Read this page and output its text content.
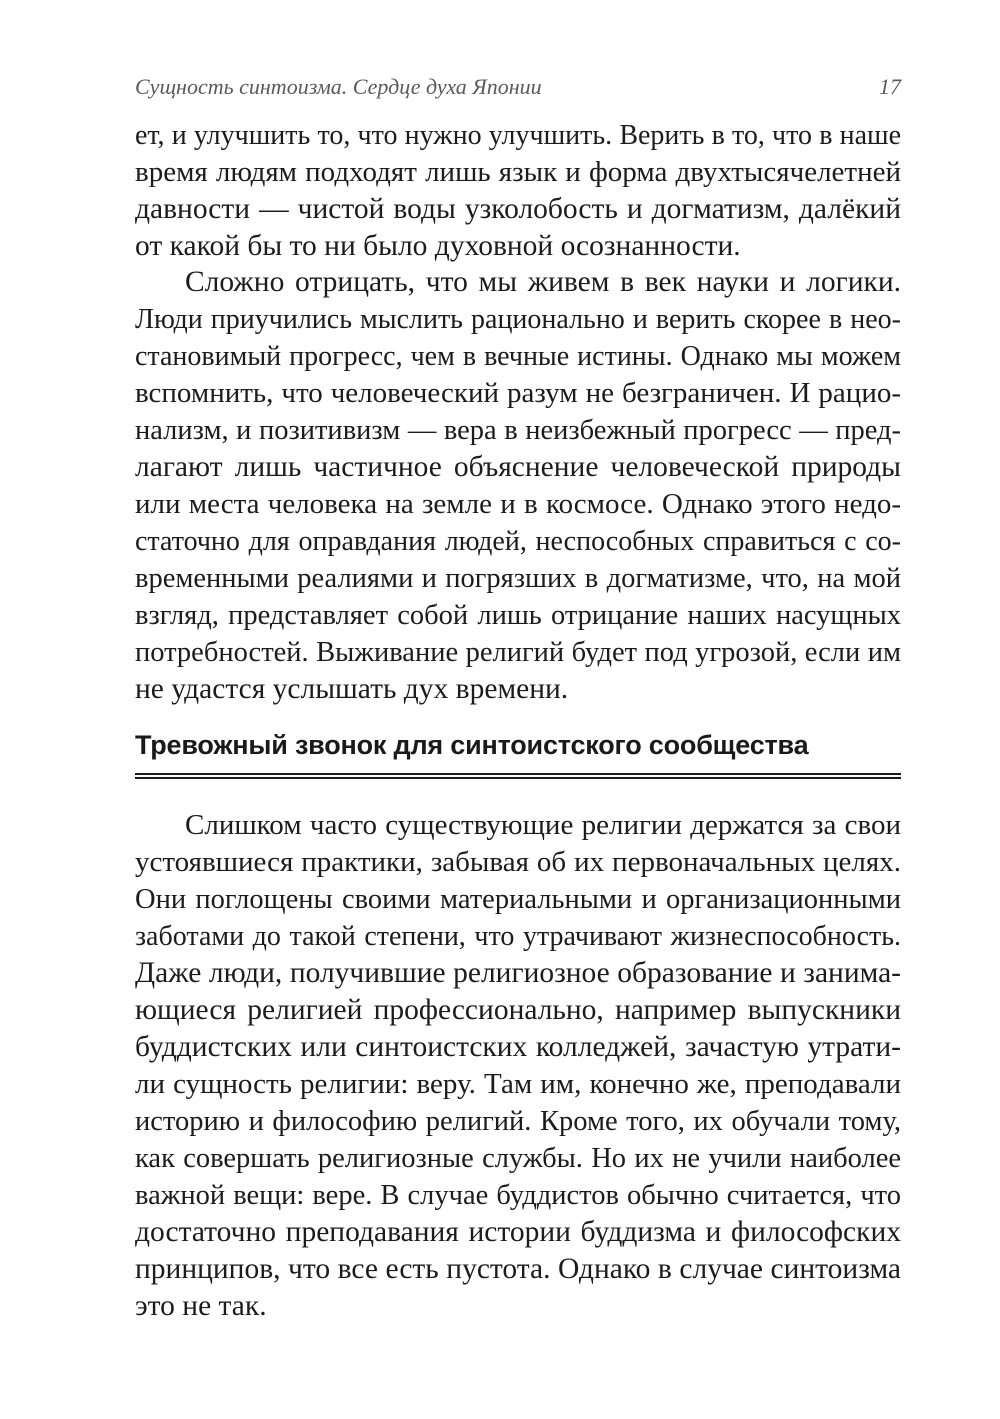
Сущность синтоизма. Сердце духа Японии	17
ет, и улучшить то, что нужно улучшить. Верить в то, что в наше
время людям подходят лишь язык и форма двухтысячелетней
давности — чистой воды узколобость и догматизм, далёкий
от какой бы то ни было духовной осознанности.
Сложно отрицать, что мы живем в век науки и логики.
Люди приучились мыслить рационально и верить скорее в нео-
становимый прогресс, чем в вечные истины. Однако мы можем
вспомнить, что человеческий разум не безграничен. И рацио-
нализм, и позитивизм — вера в неизбежный прогресс — пред-
лагают лишь частичное объяснение человеческой природы
или места человека на земле и в космосе. Однако этого недо-
статочно для оправдания людей, неспособных справиться с со-
временными реалиями и погрязших в догматизме, что, на мой
взгляд, представляет собой лишь отрицание наших насущных
потребностей. Выживание религий будет под угрозой, если им
не удастся услышать дух времени.
Тревожный звонок для синтоистского сообщества
Слишком часто существующие религии держатся за свои
устоявшиеся практики, забывая об их первоначальных целях.
Они поглощены своими материальными и организационными
заботами до такой степени, что утрачивают жизнеспособность.
Даже люди, получившие религиозное образование и занима-
ющиеся религией профессионально, например выпускники
буддистских или синтоистских колледжей, зачастую утрати-
ли сущность религии: веру. Там им, конечно же, преподавали
историю и философию религий. Кроме того, их обучали тому,
как совершать религиозные службы. Но их не учили наиболее
важной вещи: вере. В случае буддистов обычно считается, что
достаточно преподавания истории буддизма и философских
принципов, что все есть пустота. Однако в случае синтоизма
это не так.
